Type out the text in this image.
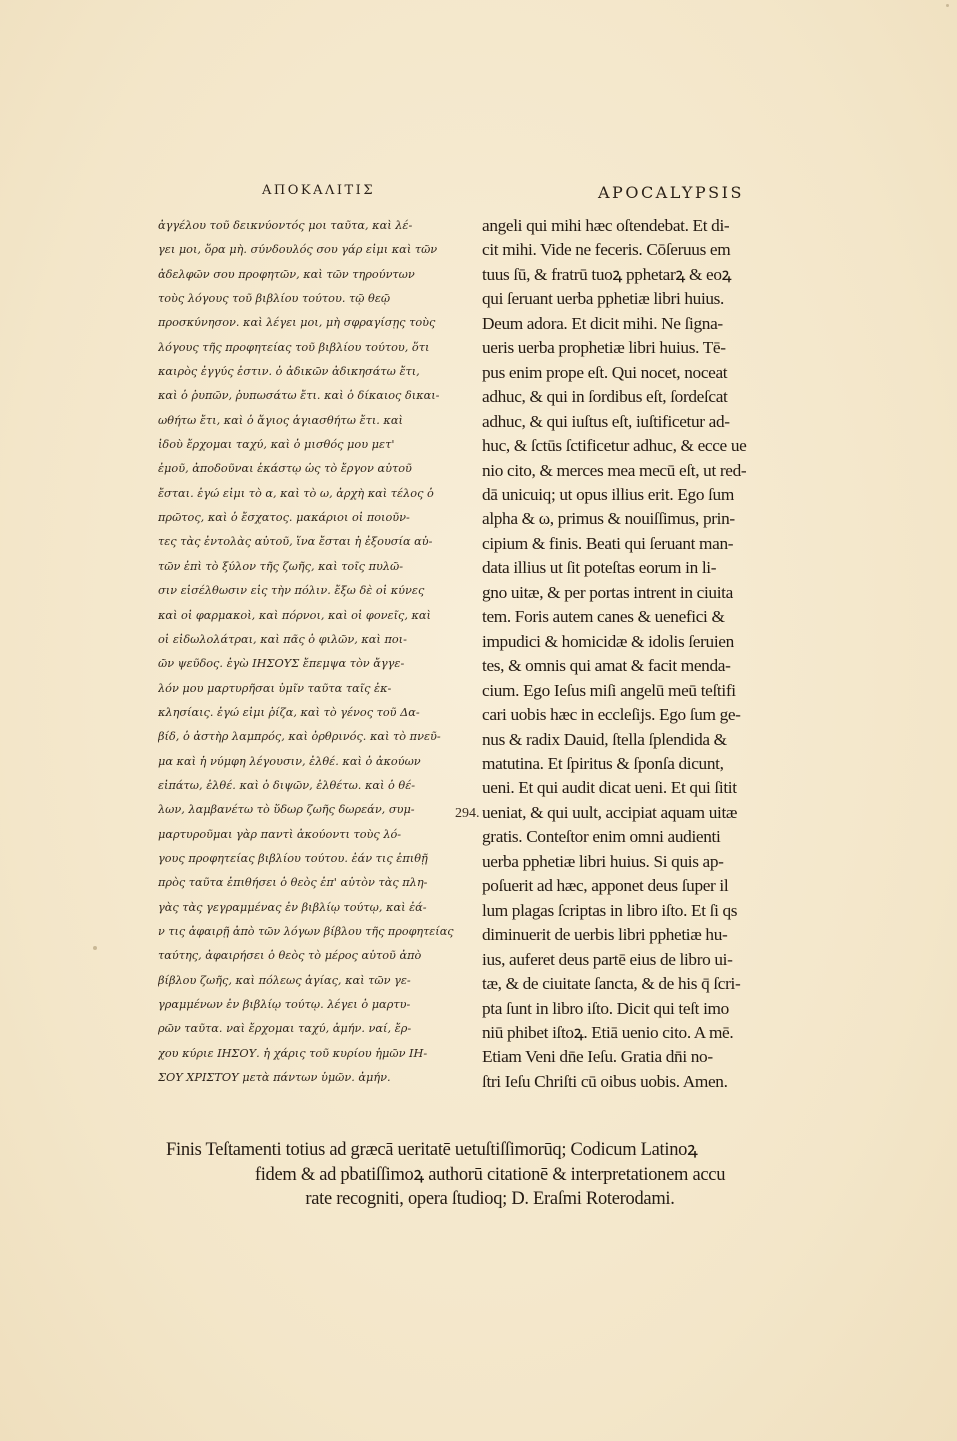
ΑΠΟΚΑΛΙΤΙΣ	APOCALYPSIS
ἀγγέλου τοῦ δεικνύοντός μοι ταῦτα, καὶ λέ-
γει μοι, ὅρα μὴ. σύνδουλός σου γάρ εἰμι καὶ τῶν
ἀδελφῶν σου προφητῶν, καὶ τῶν τηρούντων
τοὺς λόγους τοῦ βιβλίου τούτου. τῷ θεῷ
προσκύνησον. καὶ λέγει μοι, μὴ σφραγίσῃς τοὺς
λόγους τῆς προφητείας τοῦ βιβλίου τούτου, ὅτι
καιρὸς ἐγγύς ἐστιν. ὁ ἀδικῶν ἀδικησάτω ἔτι,
καὶ ὁ ῥυπῶν, ῥυπωσάτω ἔτι. καὶ ὁ δίκαιος δικαι-
ωθήτω ἔτι, καὶ ὁ ἅγιος ἁγιασθήτω ἔτι. καὶ
ἰδοὺ ἔρχομαι ταχύ, καὶ ὁ μισθός μου μετ'
ἐμοῦ, ἀποδοῦναι ἑκάστῳ ὡς τὸ ἔργον αὐτοῦ
ἔσται. ἐγώ εἰμι τὸ α, καὶ τὸ ω, ἀρχὴ καὶ τέλος ὁ
πρῶτος, καὶ ὁ ἔσχατος. μακάριοι οἱ ποιοῦν-
τες τὰς ἐντολὰς αὐτοῦ, ἵνα ἔσται ἡ ἐξουσία αὐ-
τῶν ἐπὶ τὸ ξύλον τῆς ζωῆς, καὶ τοῖς πυλῶ-
σιν εἰσέλθωσιν εἰς τὴν πόλιν. ἔξω δὲ οἱ κύνες
καὶ οἱ φαρμακοὶ, καὶ πόρνοι, καὶ οἱ φονεῖς, καὶ
οἱ εἰδωλολάτραι, καὶ πᾶς ὁ φιλῶν, καὶ ποι-
ῶν ψεῦδος. ἐγὼ ΙΗΣΟΥΣ ἔπεμψα τὸν ἄγγε-
λόν μου μαρτυρῆσαι ὑμῖν ταῦτα ταῖς ἐκ-
κλησίαις. ἐγώ εἰμι ῥίζα, καὶ τὸ γένος τοῦ Δα-
βίδ, ὁ ἀστὴρ λαμπρός, καὶ ὀρθρινός. καὶ τὸ πνεῦ-
μα καὶ ἡ νύμφη λέγουσιν, ἐλθέ. καὶ ὁ ἀκούων
εἰπάτω, ἐλθέ. καὶ ὁ διψῶν, ἐλθέτω. καὶ ὁ θέ-
λων, λαμβανέτω τὸ ὕδωρ ζωῆς δωρεάν, συμ-
μαρτυροῦμαι γὰρ παντὶ ἀκούοντι τοὺς λό-
γους προφητείας βιβλίου τούτου. ἐάν τις ἐπιθῇ
πρὸς ταῦτα ἐπιθήσει ὁ θεὸς ἐπ' αὐτὸν τὰς πλη-
γὰς τὰς γεγραμμένας ἐν βιβλίῳ τούτῳ, καὶ ἐά-
ν τις ἀφαιρῇ ἀπὸ τῶν λόγων βίβλου τῆς προφητείας
ταύτης, ἀφαιρήσει ὁ θεὸς τὸ μέρος αὐτοῦ ἀπὸ
βίβλου ζωῆς, καὶ πόλεως ἁγίας, καὶ τῶν γε-
γραμμένων ἐν βιβλίῳ τούτῳ. λέγει ὁ μαρτυ-
ρῶν ταῦτα. ναὶ ἔρχομαι ταχύ, ἀμήν. ναί, ἔρ-
χου κύριε ΙΗΣΟΥ. ἡ χάρις τοῦ κυρίου ἡμῶν ΙΗ-
ΣΟΥ ΧΡΙΣΤΟΥ μετὰ πάντων ὑμῶν. ἀμήν.
angeli qui mihi hæc oſtendebat. Et di-
cit mihi. Vide ne feceris. Cōſeruus em
tuus ſū, & fratrū tuoꝝ pphetarꝝ & eoꝝ
qui ſeruant uerba pphetiæ libri huius.
Deum adora. Et dicit mihi. Ne ſigna-
ueris uerba prophetiæ libri huius. Tē-
pus enim prope eſt. Qui nocet, noceat
adhuc, & qui in ſordibus eſt, ſordeſcat
adhuc, & qui iuſtus eſt, iuſtificetur ad-
huc, & ſctūs ſctificetur adhuc, & ecce ue
nio cito, & merces mea mecū eſt, ut red-
dā unicuiq; ut opus illius erit. Ego ſum
alpha & ω, primus & nouiſſimus, prin-
cipium & finis. Beati qui ſeruant man-
data illius ut ſit poteſtas eorum in li-
gno uitæ, & per portas intrent in ciuita
tem. Foris autem canes & uenefici &
impudici & homicidæ & idolis ſeruien
tes, & omnis qui amat & facit menda-
cium. Ego Ieſus miſi angelū meū teſtifi
cari uobis hæc in eccleſijs. Ego ſum ge-
nus & radix Dauid, ſtella ſplendida &
matutina. Et ſpiritus & ſponſa dicunt,
ueni. Et qui audit dicat ueni. Et qui ſitit
ueniat, & qui uult, accipiat aquam uitæ
gratis. Conteſtor enim omni audienti
uerba pphetiæ libri huius. Si quis ap-
poſuerit ad hæc, apponet deus ſuper il
lum plagas ſcriptas in libro iſto. Et ſi qs
diminuerit de uerbis libri pphetiæ hu-
ius, auferet deus partē eius de libro ui-
tæ, & de ciuitate ſancta, & de his q̄ ſcri-
pta ſunt in libro iſto. Dicit qui teſt imo
niū phibet iſtoꝝ. Etiā uenio cito. A mē.
Etiam Veni dn̄e Ieſu. Gratia dn̄i no-
ſtri Ieſu Chriſti cū oibus uobis. Amen.
294.
Finis Teſtamenti totius ad græcā ueritatē uetuſtiſſimorūq; Codicum Latinoꝝ
fidem & ad pbatiſſimoꝝ authorū citationē & interpretationem accu
rate recogniti, opera ſtudioq; D. Eraſmi Roterodami.
